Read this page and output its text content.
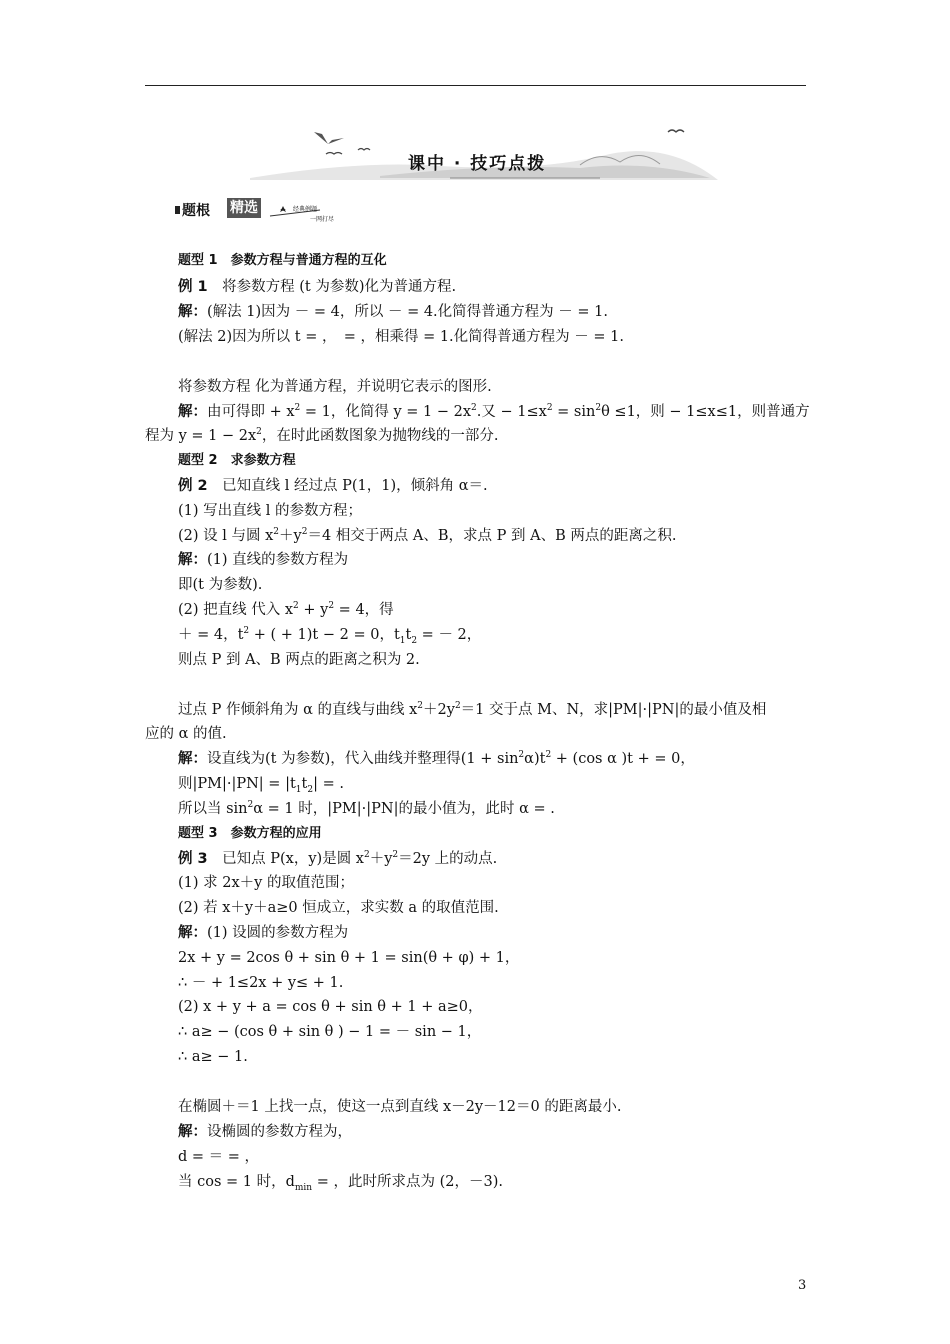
课中 · 技巧点拨
题根 精选	经典例题
一网打尽
题型 1　参数方程与普通方程的互化
例 1　将参数方程 (t 为参数)化为普通方程.
解：(解法 1)因为 － = 4，所以 － = 4.化简得普通方程为 － = 1.
(解法 2)因为所以 t = ，　= ，相乘得 = 1.化简得普通方程为 － = 1.
将参数方程 化为普通方程，并说明它表示的图形.
解：由可得即 + $x^2 = 1$，化简得 $y = 1 - 2x^2$.又 − $1\le x^2 = \sin^2\theta \le 1$，则 − 1≤x≤1，则普通方
程为 $y = 1 - 2x^2$，在时此函数图象为抛物线的一部分.
题型 2　求参数方程
例 2　已知直线 l 经过点 P(1，1)，倾斜角 α＝.
(1) 写出直线 l 的参数方程；
(2) 设 l 与圆 $x^2+y^2=4$ 相交于两点 A、B，求点 P 到 A、B 两点的距离之积.
解：(1) 直线的参数方程为
即(t 为参数).
(2) 把直线 代入 $x^2 + y^2 = 4$，得
＋ = 4，$t^2$ + ( + 1)t − 2 = 0，$t_1t_2$ = － 2，
则点 P 到 A、B 两点的距离之积为 2.
过点 P 作倾斜角为 α 的直线与曲线 $x^2+2y^2=1$ 交于点 M、N，求|PM|·|PN|的最小值及相
应的 α 的值.
解：设直线为(t 为参数)，代入曲线并整理得$(1 + \sin^2\alpha)t^2 + (\cos$ α )t + = 0，
则$|PM|\cdot|PN| = |t_1t_2|$ = .
所以当 $\sin^2\alpha = 1$ 时，|PM|·|PN|的最小值为，此时 α = .
题型 3　参数方程的应用
例 3　已知点 P(x，y)是圆 $x^2+y^2=2y$ 上的动点.
(1) 求 2x＋y 的取值范围；
(2) 若 x＋y＋a≥0 恒成立，求实数 a 的取值范围.
解：(1) 设圆的参数方程为
2x + y = 2cos θ + sin θ + 1 = sin(θ + φ) + 1，
∴ － + 1≤2x + y≤ + 1.
(2) x + y + a = cos θ + sin θ + 1 + a≥0，
∴ a≥ − (cos θ + sin θ ) − 1 = － sin − 1，
∴ a≥ − 1.
在椭圆＋＝1 上找一点，使这一点到直线 x－2y－12＝0 的距离最小.
解：设椭圆的参数方程为，
d = ＝ = ，
当 cos = 1 时，$d_{min}$ = ，此时所求点为 (2，－3).
3
